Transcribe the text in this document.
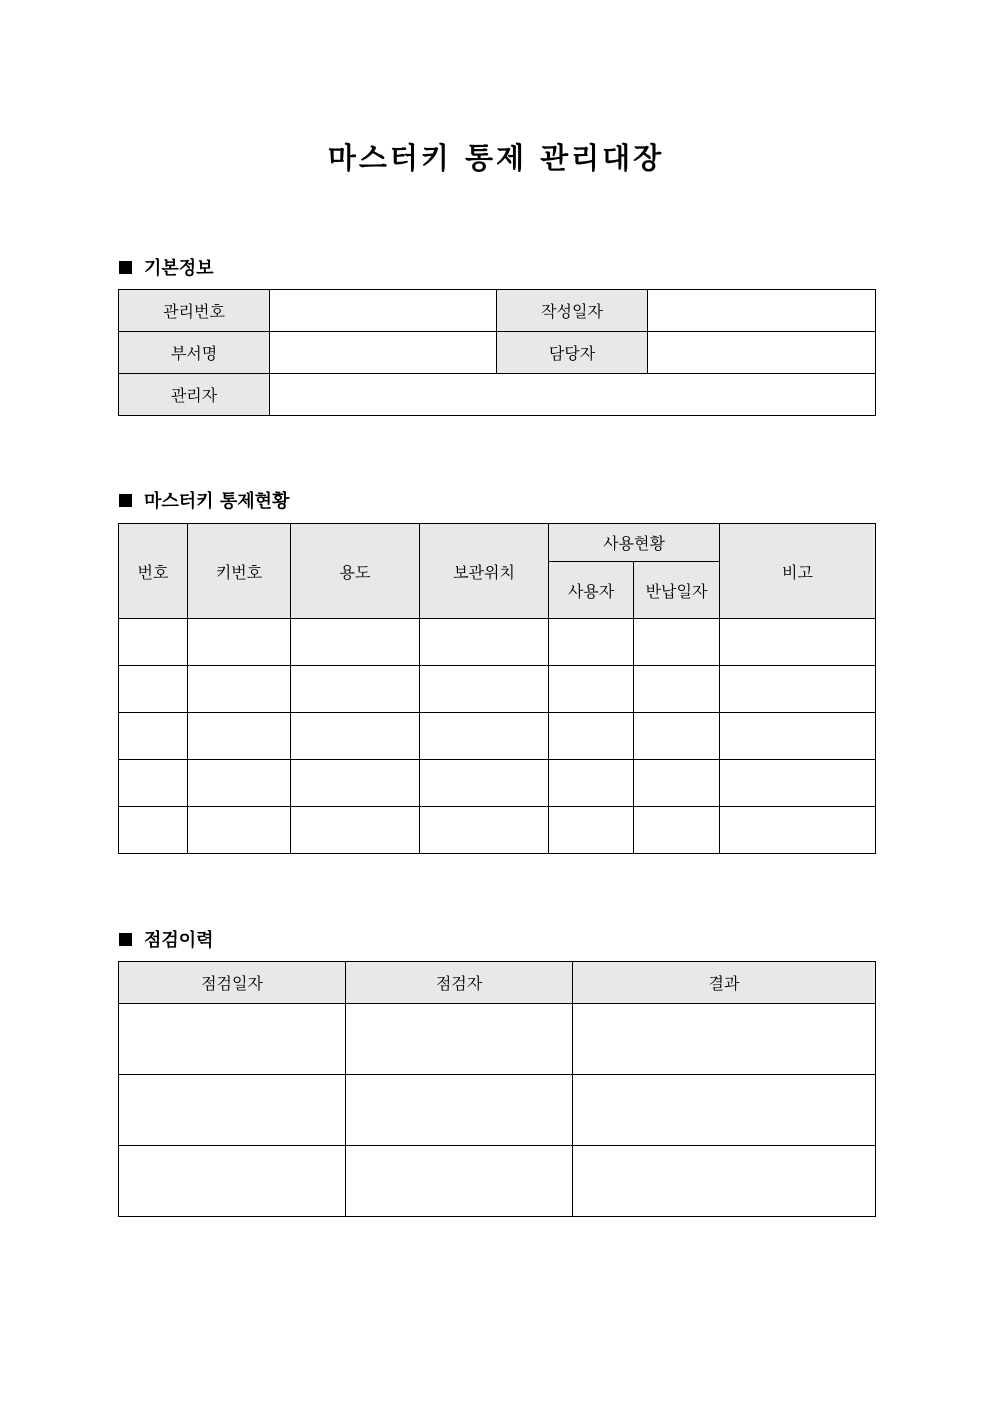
마스터키 통제 관리대장
기본정보
관리번호		작성일자	
부서명		담당자	
관리자			
마스터키 통제현황
번호	키번호	용도	보관위치	사용현황		비고
				사용자	반납일자	

점검이력
점검일자	점검자	결과
